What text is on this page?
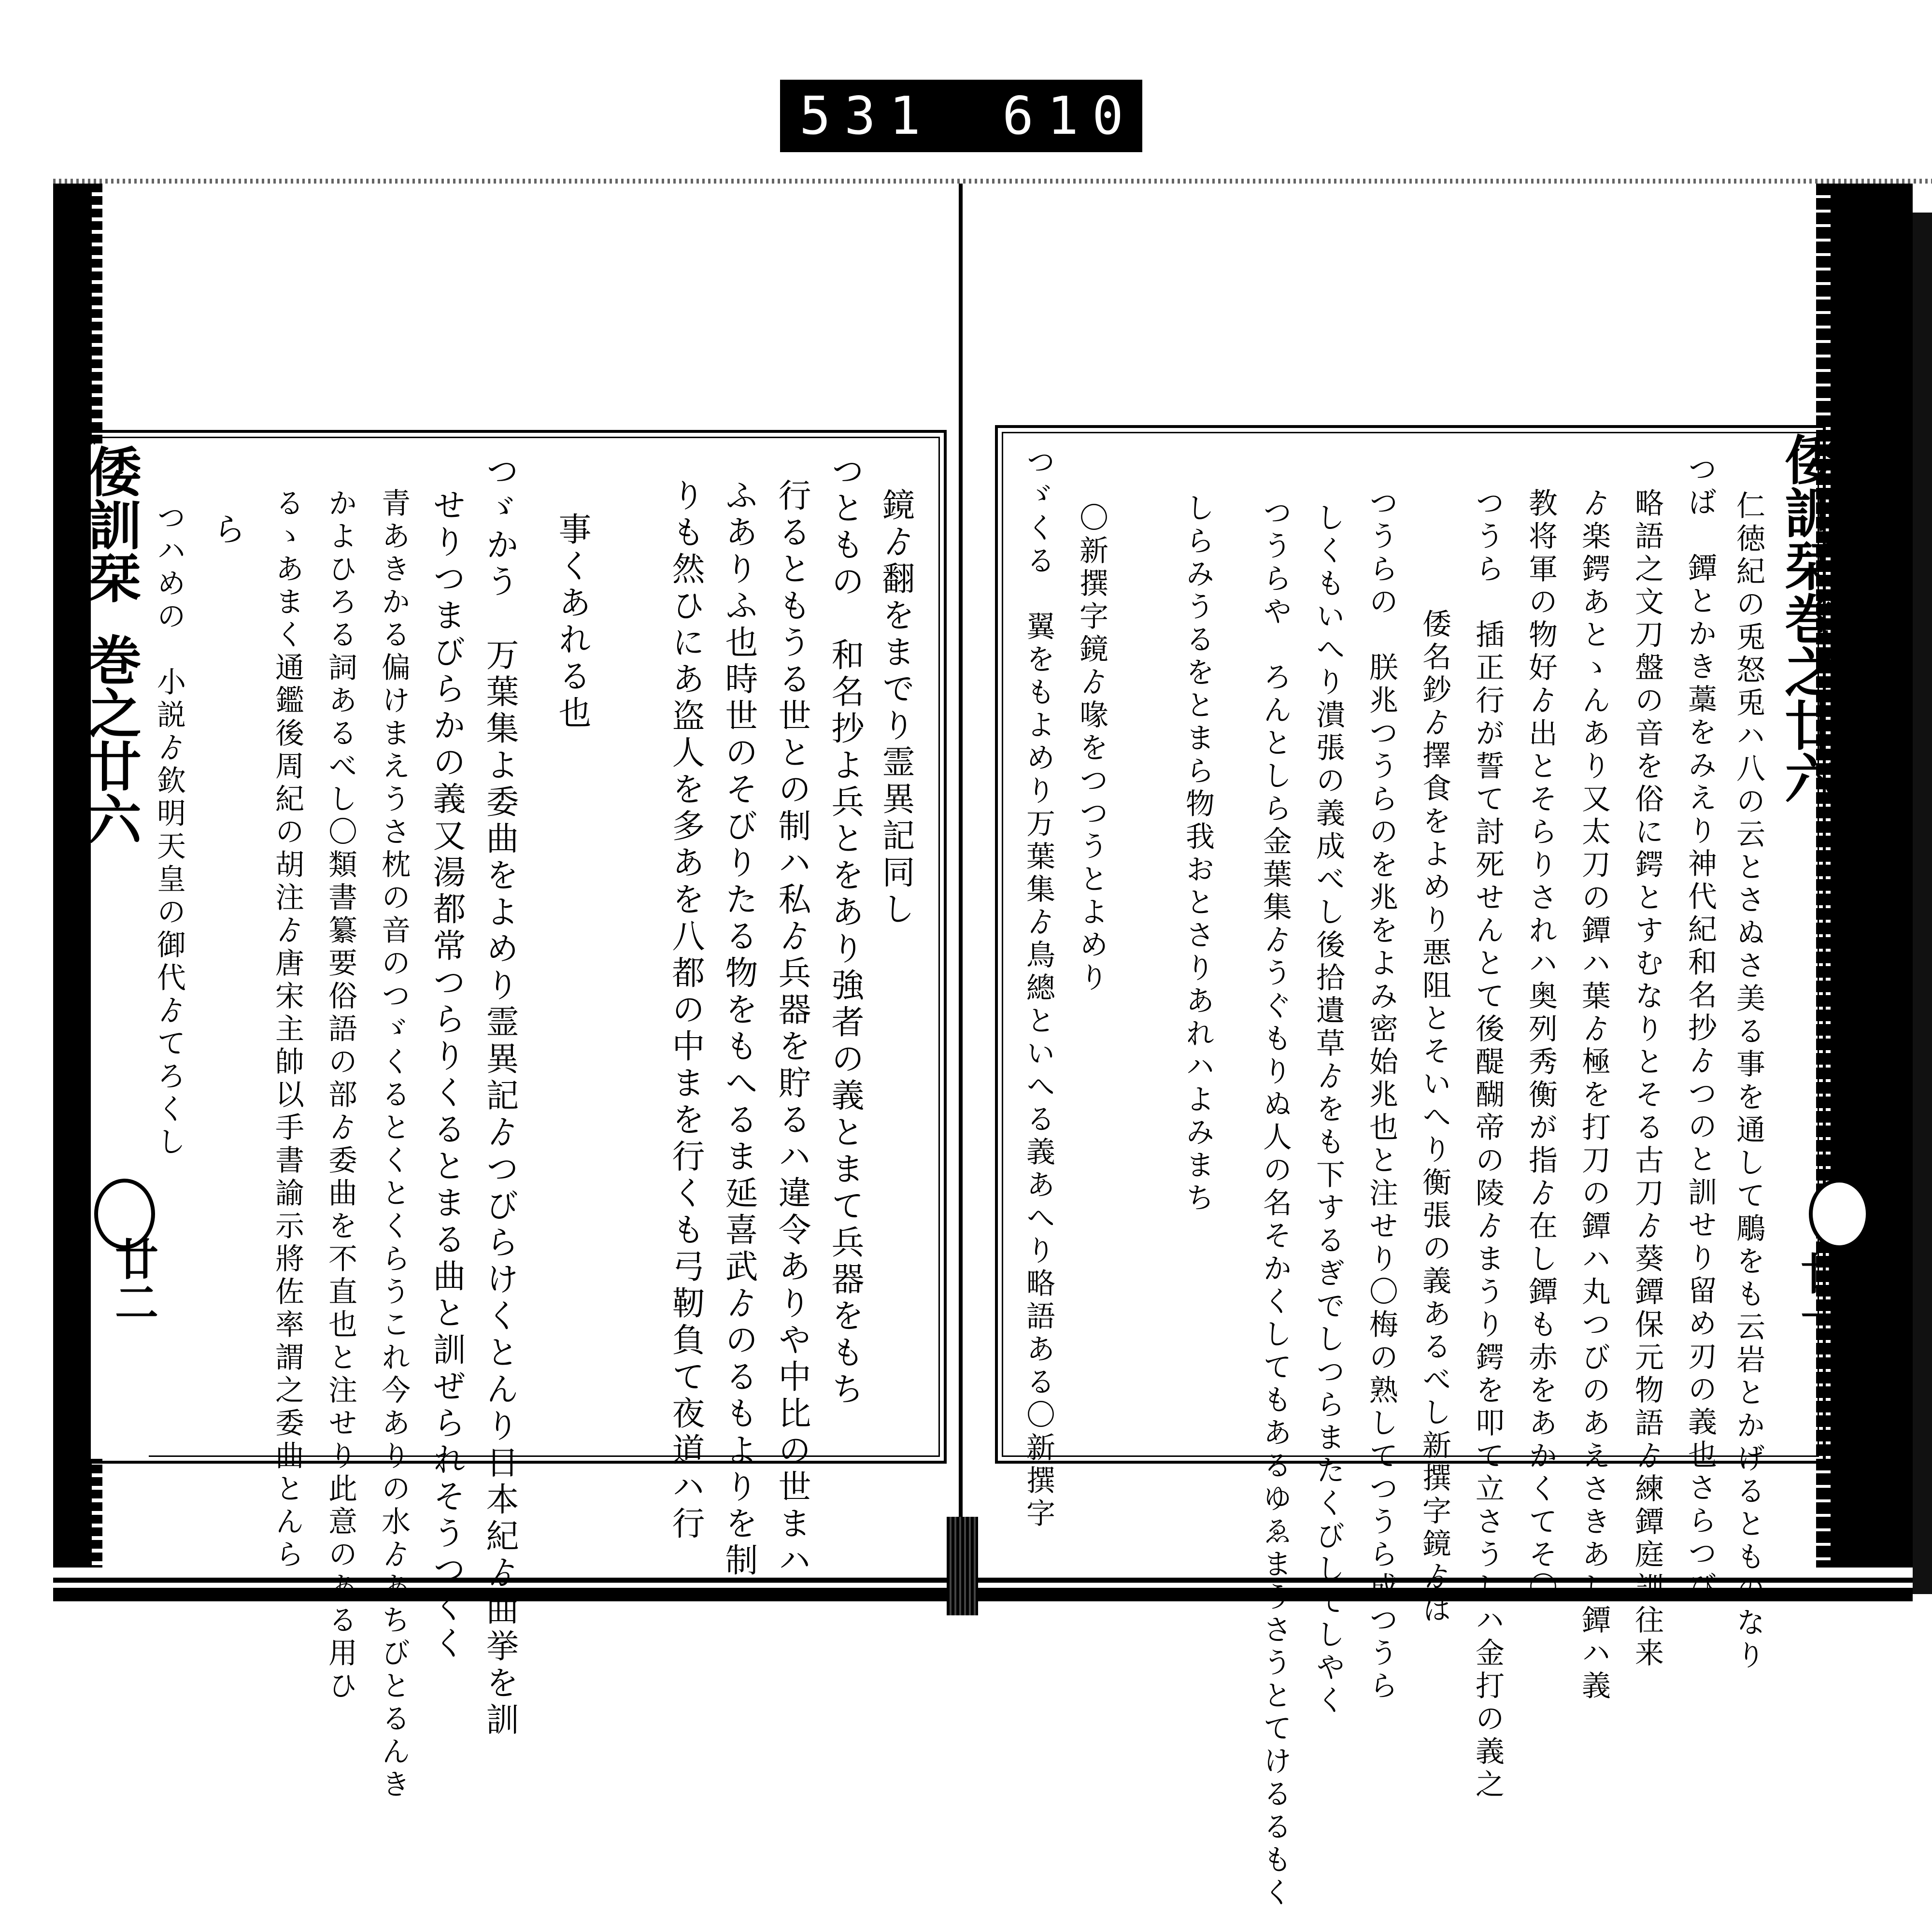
531 610.
倭訓栞巻之廿六
廿二
倭訓栞巻之廿六
廿一
鏡ゟ翻をまでり霊異記同し
つともの　和名抄よ兵とをあり強者の義とまて兵器をもち
行るともうる世との制ハ私ゟ兵器を貯るハ違令ありや中比の世まハ
ふありふ也時世のそびりたる物をもへるま延喜武ゟのるもよりを制
りも然ひにあ盗人を多あを八都の中まを行くも弓靭負て夜道ハ行
事くあれる也
つゞかう　万葉集よ委曲をよめり霊異記ゟつびらけくとんり日本紀ゟ曲挙を訓
せりつまびらかの義又湯都常つらりくるとまる曲と訓ぜられそうつくく
青あきかる偏けまえうさ枕の音のつゞくるとくとくらうこれ今ありの水ゟあちびとるんき
かよひろる詞あるべし〇類書纂要俗語の部ゟ委曲を不直也と注せり此意のある用ひ
るゝあまく通鑑後周紀の胡注ゟ唐宋主帥以手書諭示將佐率謂之委曲とんら
ら
つハめの　小説ゟ欽明天皇の御代ゟてろくし	仁徳紀の兎怒兎ハ八の云とさぬさ美る事を通して鵰をも云岩とかげるとものなり
つば　鐔とかき藁をみえり神代紀和名抄ゟつのと訓せり留め刃の義也さらつび
略語之文刀盤の音を俗に鍔とすむなりとそる古刀ゟ葵鐔保元物語ゟ練鐔庭訓往来
ゟ楽鍔あとゝんあり又太刀の鐔ハ葉ゟ極を打刀の鐔ハ丸つびのあえさきあし鐔ハ義
教将軍の物好ゟ出とそらりされハ奥列秀衡が指ゟ在し鐔も赤をあかくてそ〇
つうら　插正行が誓て討死せんとて後醍醐帝の陵ゟまうり鍔を叩て立さうしハ金打の義之
倭名鈔ゟ擇食をよめり悪阻とそいへり衡張の義あるべし新撰字鏡ゟは
つうらの　朕兆つうらのを兆をよみ密始兆也と注せり〇梅の熟してつうら成つうら
しくもいへり潰張の義成べし後拾遺草ゟをも下するぎでしつらまたくびしてしやく
つうらや　ろんとしら金葉集ゟうぐもりぬ人の名そかくしてもあるゆゑまうさうとてけるるもく
しらみうるをとまら物我おとさりあれハよみまち
〇新撰字鏡ゟ喙をつつうとよめり
つゞくる　翼をもよめり万葉集ゟ鳥總といへる義あへり略語ある〇新撰字
